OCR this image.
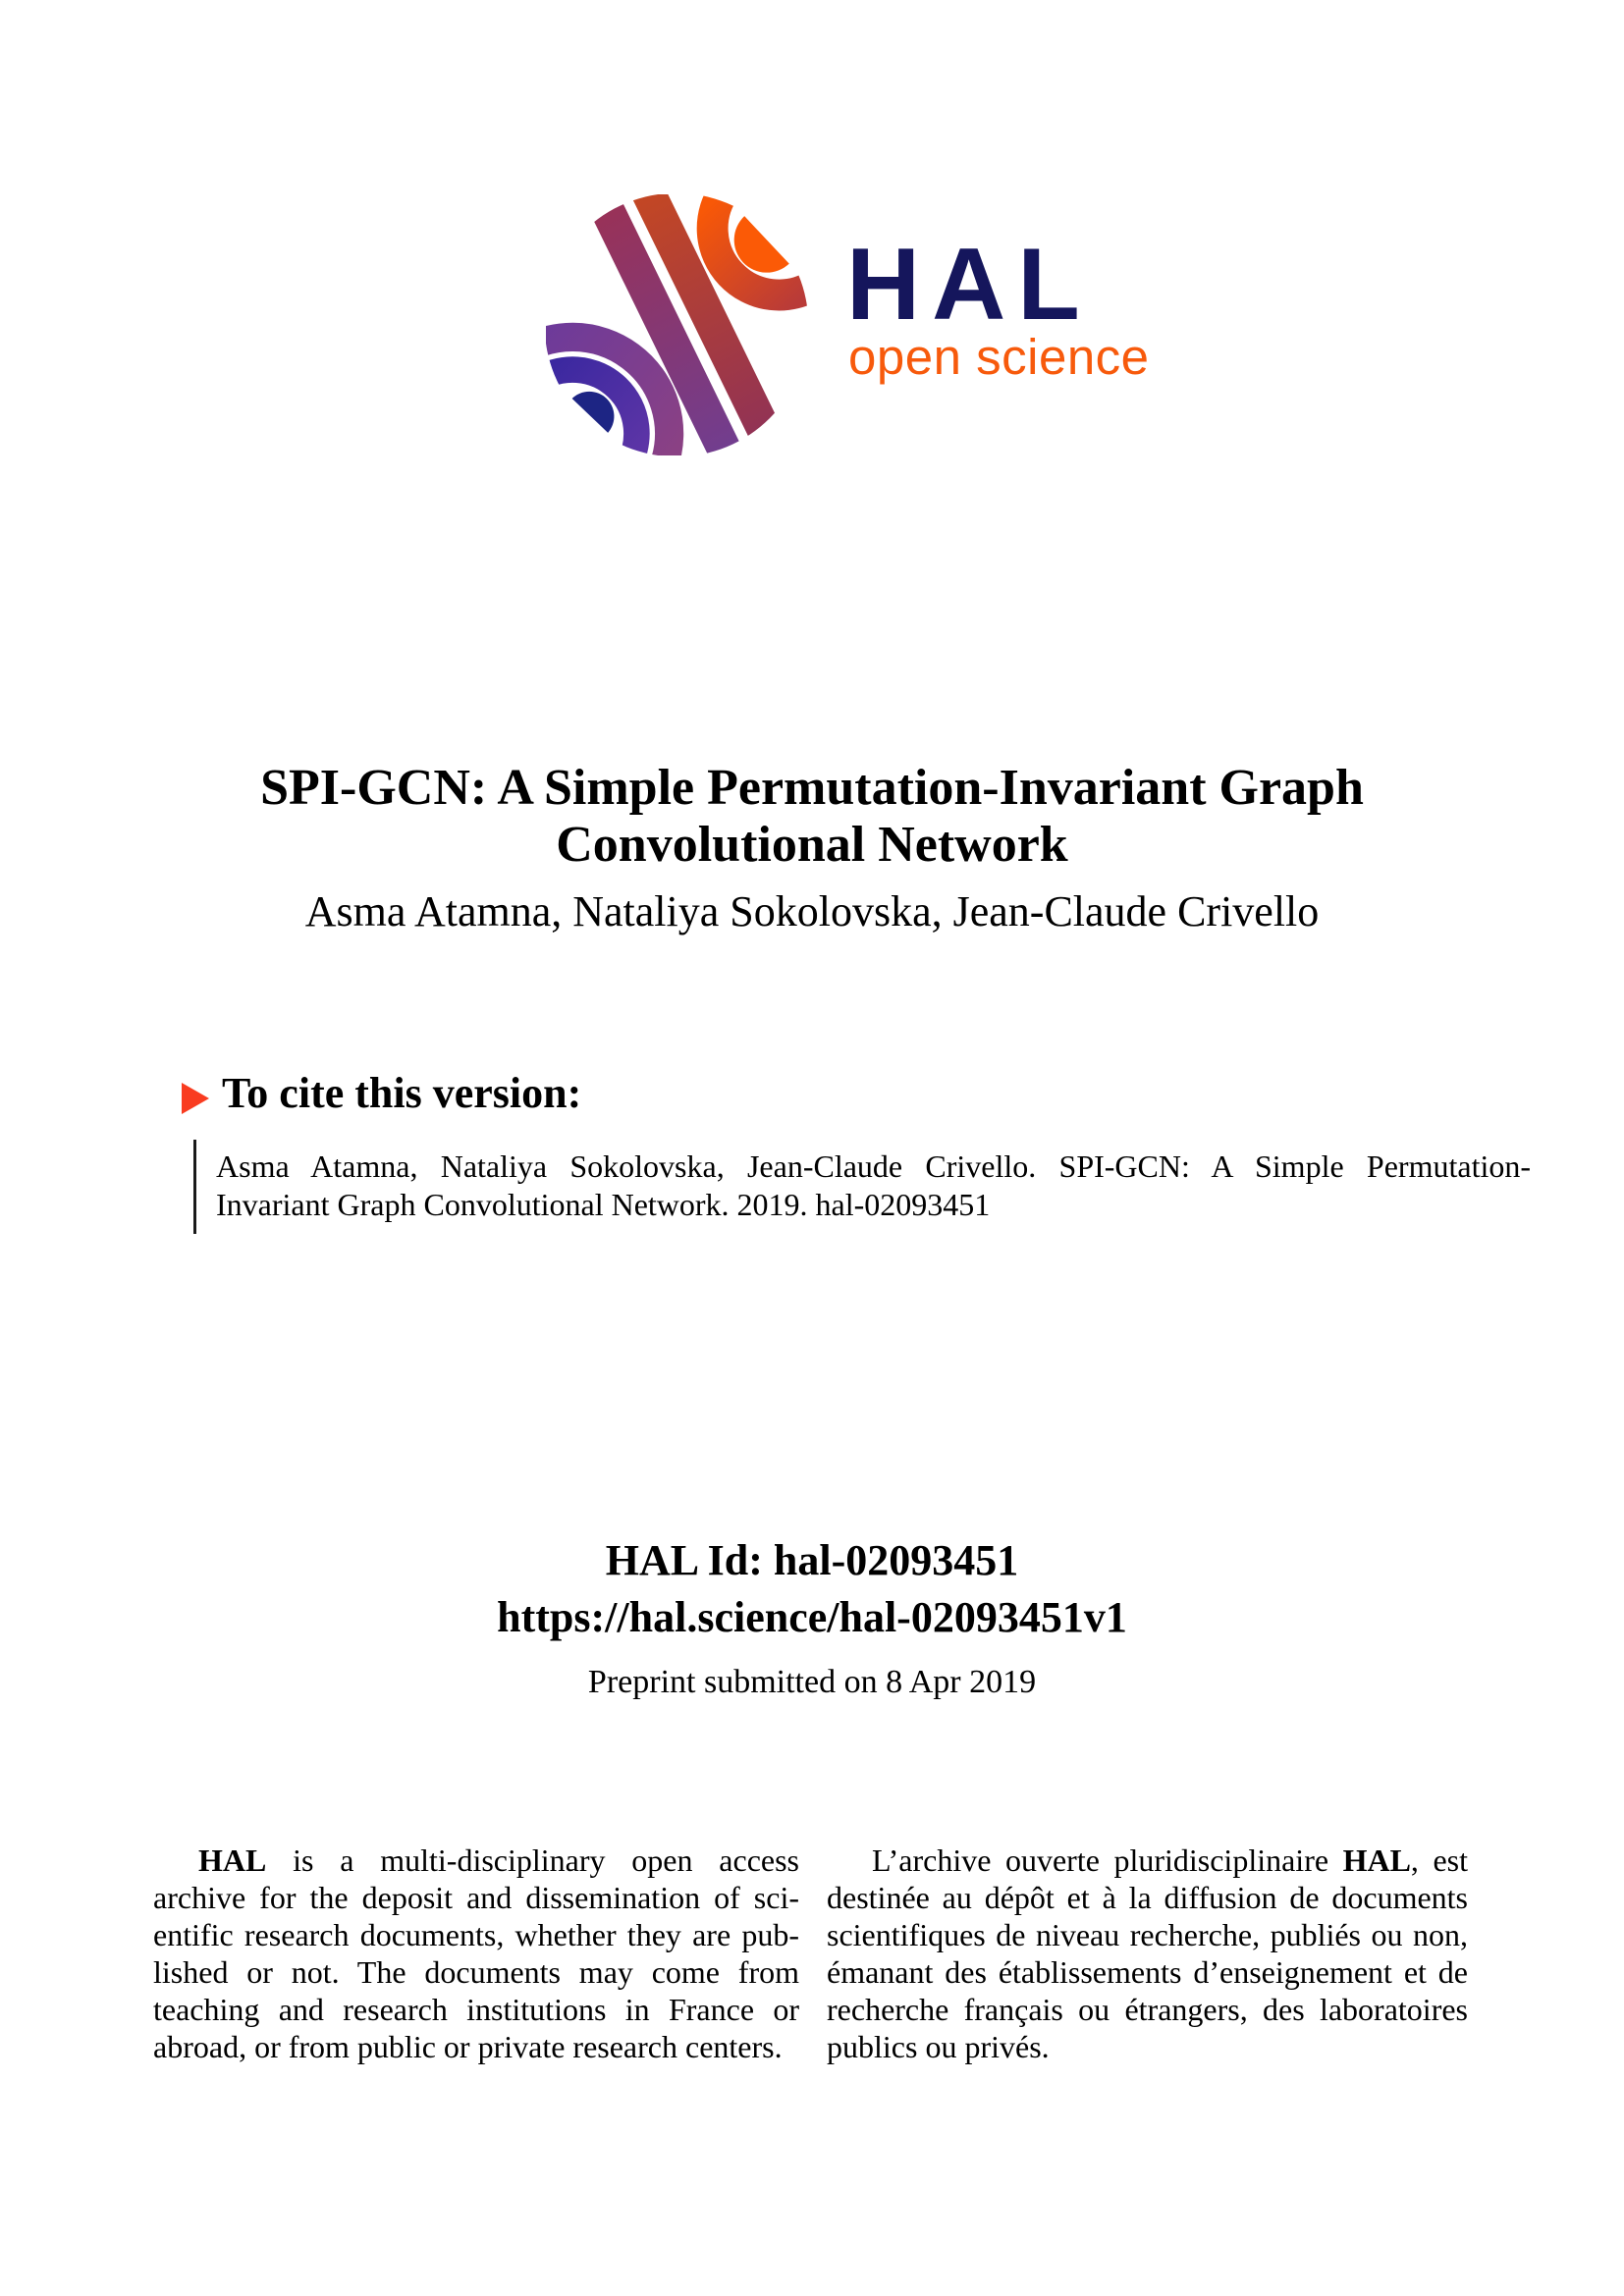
HAL
open science
SPI-GCN: A Simple Permutation-Invariant Graph
Convolutional Network
Asma Atamna, Nataliya Sokolovska, Jean-Claude Crivello
To cite this version:
Asma Atamna, Nataliya Sokolovska, Jean-Claude Crivello. SPI-GCN: A Simple Permutation-
Invariant Graph Convolutional Network. 2019. hal-02093451
HAL Id: hal-02093451
https://hal.science/hal-02093451v1
Preprint submitted on 8 Apr 2019
HAL is a multi-disciplinary open access
archive for the deposit and dissemination of sci-
entific research documents, whether they are pub-
lished or not. The documents may come from
teaching and research institutions in France or
abroad, or from public or private research centers.
L’archive ouverte pluridisciplinaire HAL, est
destinée au dépôt et à la diffusion de documents
scientifiques de niveau recherche, publiés ou non,
émanant des établissements d’enseignement et de
recherche français ou étrangers, des laboratoires
publics ou privés.
